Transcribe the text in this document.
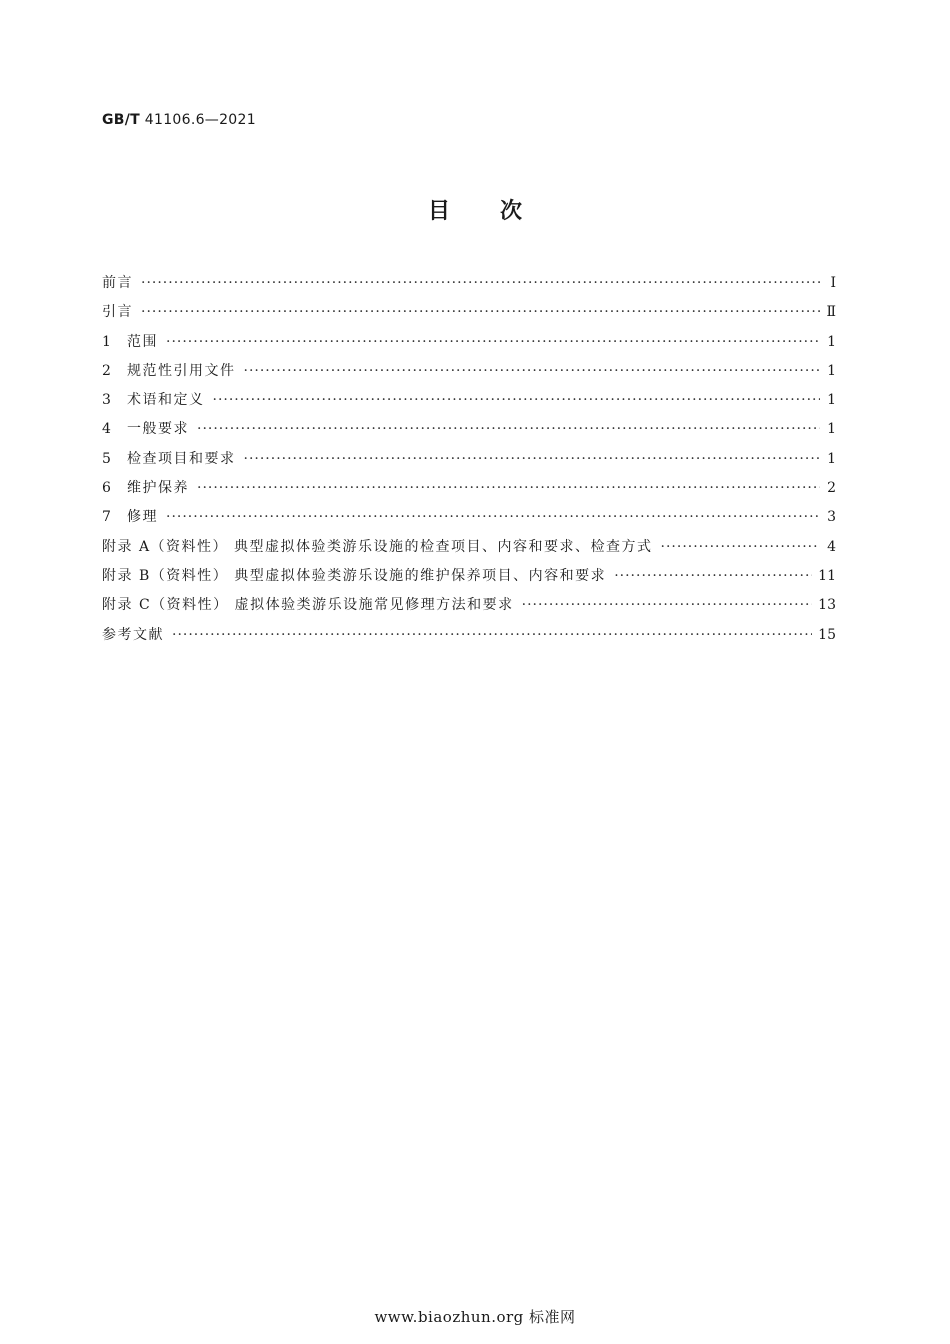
GB/T 41106.6—2021
目次
前言 ·····	Ⅰ
引言 ·····	Ⅱ
1	范围 ·····	1
2	规范性引用文件 ·····	1
3	术语和定义 ·····	1
4	一般要求 ·····	1
5	检查项目和要求 ·····	1
6	维护保养 ·····	2
7	修理 ·····	3
附录 A（资料性） 典型虚拟体验类游乐设施的检查项目、内容和要求、检查方式 ·····	4
附录 B（资料性） 典型虚拟体验类游乐设施的维护保养项目、内容和要求 ·····	11
附录 C（资料性） 虚拟体验类游乐设施常见修理方法和要求 ·····	13
参考文献 ·····	15
www.biaozhun.org 标准网
